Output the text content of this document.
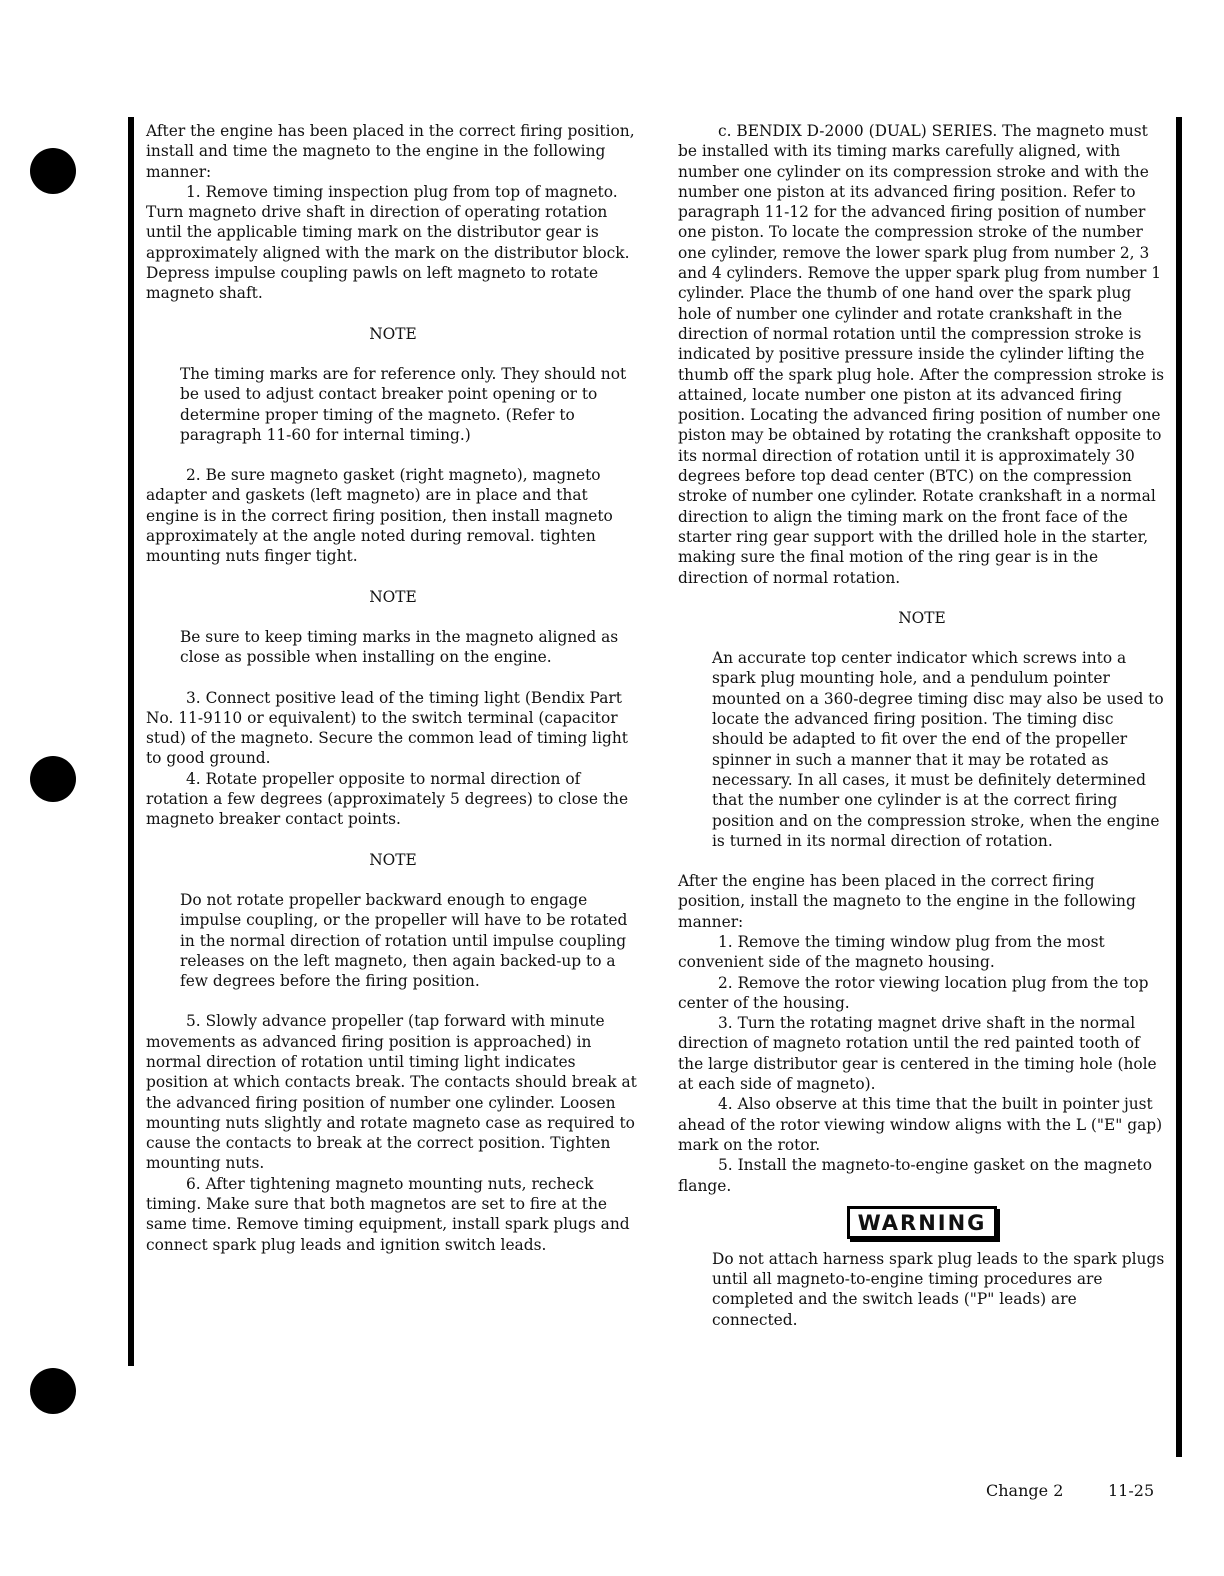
After the engine has been placed in the correct firing position, install and time the magneto to the engine in the following manner:

1. Remove timing inspection plug from top of magneto. Turn magneto drive shaft in direction of operating rotation until the applicable timing mark on the distributor gear is approximately aligned with the mark on the distributor block. Depress impulse coupling pawls on left magneto to rotate magneto shaft.

NOTE

The timing marks are for reference only. They should not be used to adjust contact breaker point opening or to determine proper timing of the magneto. (Refer to paragraph 11-60 for internal timing.)

2. Be sure magneto gasket (right magneto), magneto adapter and gaskets (left magneto) are in place and that engine is in the correct firing position, then install magneto approximately at the angle noted during removal. tighten mounting nuts finger tight.

NOTE

Be sure to keep timing marks in the magneto aligned as close as possible when installing on the engine.

3. Connect positive lead of the timing light (Bendix Part No. 11-9110 or equivalent) to the switch terminal (capacitor stud) of the magneto. Secure the common lead of timing light to good ground.

4. Rotate propeller opposite to normal direction of rotation a few degrees (approximately 5 degrees) to close the magneto breaker contact points.

NOTE

Do not rotate propeller backward enough to engage impulse coupling, or the propeller will have to be rotated in the normal direction of rotation until impulse coupling releases on the left magneto, then again backed-up to a few degrees before the firing position.

5. Slowly advance propeller (tap forward with minute movements as advanced firing position is approached) in normal direction of rotation until timing light indicates position at which contacts break. The contacts should break at the advanced firing position of number one cylinder. Loosen mounting nuts slightly and rotate magneto case as required to cause the contacts to break at the correct position. Tighten mounting nuts.

6. After tightening magneto mounting nuts, recheck timing. Make sure that both magnetos are set to fire at the same time. Remove timing equipment, install spark plugs and connect spark plug leads and ignition switch leads.

c. BENDIX D-2000 (DUAL) SERIES. The magneto must be installed with its timing marks carefully aligned, with number one cylinder on its compression stroke and with the number one piston at its advanced firing position. Refer to paragraph 11-12 for the advanced firing position of number one piston. To locate the compression stroke of the number one cylinder, remove the lower spark plug from number 2, 3 and 4 cylinders. Remove the upper spark plug from number 1 cylinder. Place the thumb of one hand over the spark plug hole of number one cylinder and rotate crankshaft in the direction of normal rotation until the compression stroke is indicated by positive pressure inside the cylinder lifting the thumb off the spark plug hole. After the compression stroke is attained, locate number one piston at its advanced firing position. Locating the advanced firing position of number one piston may be obtained by rotating the crankshaft opposite to its normal direction of rotation until it is approximately 30 degrees before top dead center (BTC) on the compression stroke of number one cylinder. Rotate crankshaft in a normal direction to align the timing mark on the front face of the starter ring gear support with the drilled hole in the starter, making sure the final motion of the ring gear is in the direction of normal rotation.

NOTE

An accurate top center indicator which screws into a spark plug mounting hole, and a pendulum pointer mounted on a 360-degree timing disc may also be used to locate the advanced firing position. The timing disc should be adapted to fit over the end of the propeller spinner in such a manner that it may be rotated as necessary. In all cases, it must be definitely determined that the number one cylinder is at the correct firing position and on the compression stroke, when the engine is turned in its normal direction of rotation.

After the engine has been placed in the correct firing position, install the magneto to the engine in the following manner:

1. Remove the timing window plug from the most convenient side of the magneto housing.

2. Remove the rotor viewing location plug from the top center of the housing.

3. Turn the rotating magnet drive shaft in the normal direction of magneto rotation until the red painted tooth of the large distributor gear is centered in the timing hole (hole at each side of magneto).

4. Also observe at this time that the built in pointer just ahead of the rotor viewing window aligns with the L ("E" gap) mark on the rotor.

5. Install the magneto-to-engine gasket on the magneto flange.

WARNING

Do not attach harness spark plug leads to the spark plugs until all magneto-to-engine timing procedures are completed and the switch leads ("P" leads) are connected.

Change 2	11-25
